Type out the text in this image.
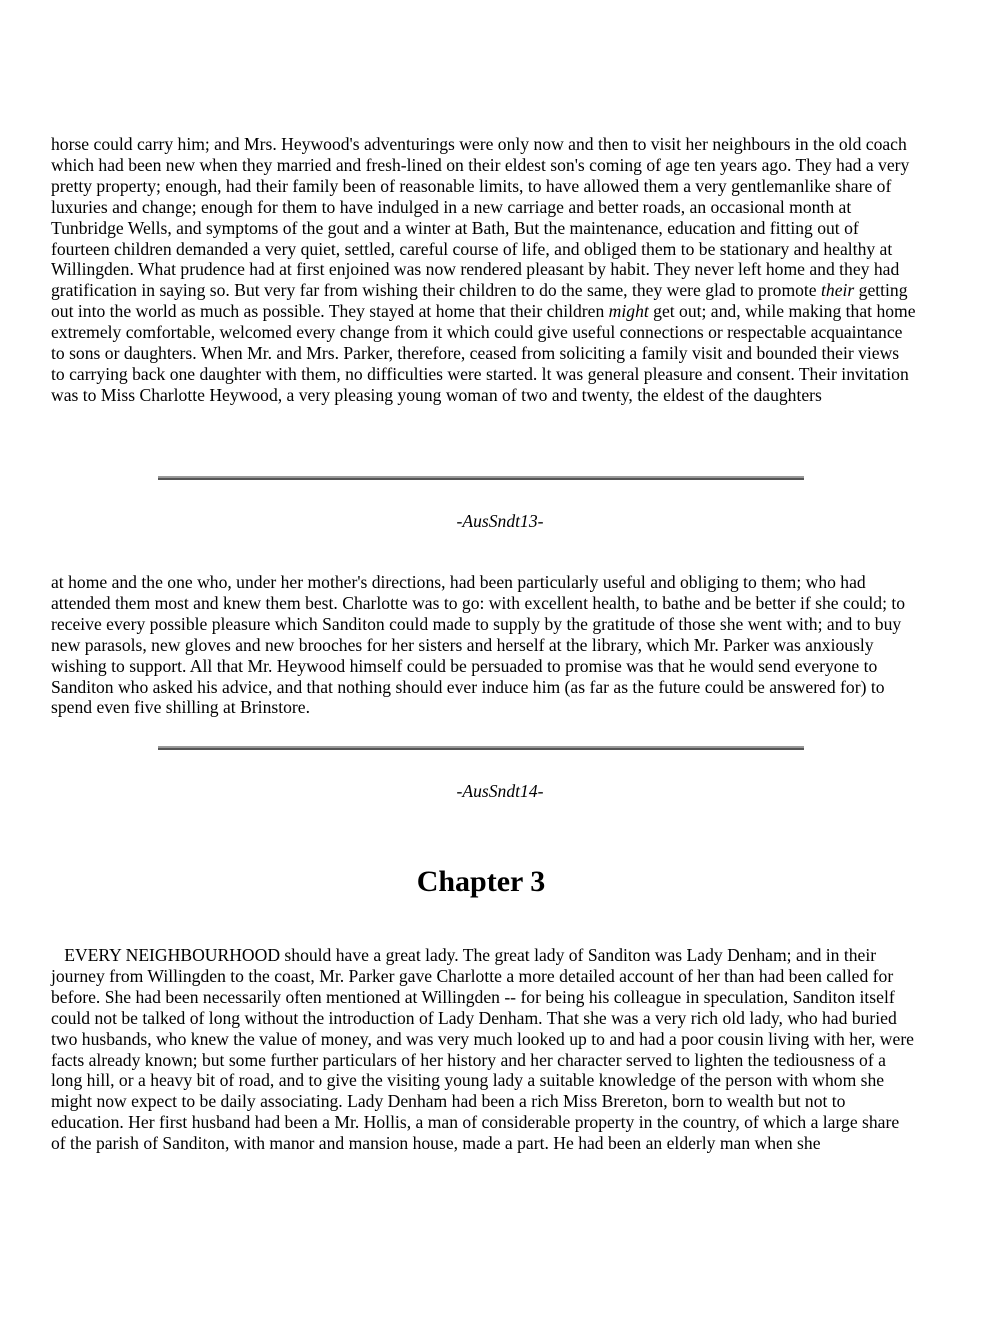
horse could carry him; and Mrs. Heywood's adventurings were only now and then to visit her neighbours in the old coach which had been new when they married and fresh-lined on their eldest son's coming of age ten years ago. They had a very pretty property; enough, had their family been of reasonable limits, to have allowed them a very gentlemanlike share of luxuries and change; enough for them to have indulged in a new carriage and better roads, an occasional month at Tunbridge Wells, and symptoms of the gout and a winter at Bath, But the maintenance, education and fitting out of fourteen children demanded a very quiet, settled, careful course of life, and obliged them to be stationary and healthy at Willingden. What prudence had at first enjoined was now rendered pleasant by habit. They never left home and they had gratification in saying so. But very far from wishing their children to do the same, they were glad to promote their getting out into the world as much as possible. They stayed at home that their children might get out; and, while making that home extremely comfortable, welcomed every change from it which could give useful connections or respectable acquaintance to sons or daughters. When Mr. and Mrs. Parker, therefore, ceased from soliciting a family visit and bounded their views to carrying back one daughter with them, no difficulties were started. lt was general pleasure and consent. Their invitation was to Miss Charlotte Heywood, a very pleasing young woman of two and twenty, the eldest of the daughters

-AusSndt13-

at home and the one who, under her mother's directions, had been particularly useful and obliging to them; who had attended them most and knew them best. Charlotte was to go: with excellent health, to bathe and be better if she could; to receive every possible pleasure which Sanditon could made to supply by the gratitude of those she went with; and to buy new parasols, new gloves and new brooches for her sisters and herself at the library, which Mr. Parker was anxiously wishing to support. All that Mr. Heywood himself could be persuaded to promise was that he would send everyone to Sanditon who asked his advice, and that nothing should ever induce him (as far as the future could be answered for) to spend even five shilling at Brinstore.

-AusSndt14-
Chapter 3

EVERY NEIGHBOURHOOD should have a great lady. The great lady of Sanditon was Lady Denham; and in their journey from Willingden to the coast, Mr. Parker gave Charlotte a more detailed account of her than had been called for before. She had been necessarily often mentioned at Willingden -- for being his colleague in speculation, Sanditon itself could not be talked of long without the introduction of Lady Denham. That she was a very rich old lady, who had buried two husbands, who knew the value of money, and was very much looked up to and had a poor cousin living with her, were facts already known; but some further particulars of her history and her character served to lighten the tediousness of a long hill, or a heavy bit of road, and to give the visiting young lady a suitable knowledge of the person with whom she might now expect to be daily associating. Lady Denham had been a rich Miss Brereton, born to wealth but not to education. Her first husband had been a Mr. Hollis, a man of considerable property in the country, of which a large share of the parish of Sanditon, with manor and mansion house, made a part. He had been an elderly man when she
